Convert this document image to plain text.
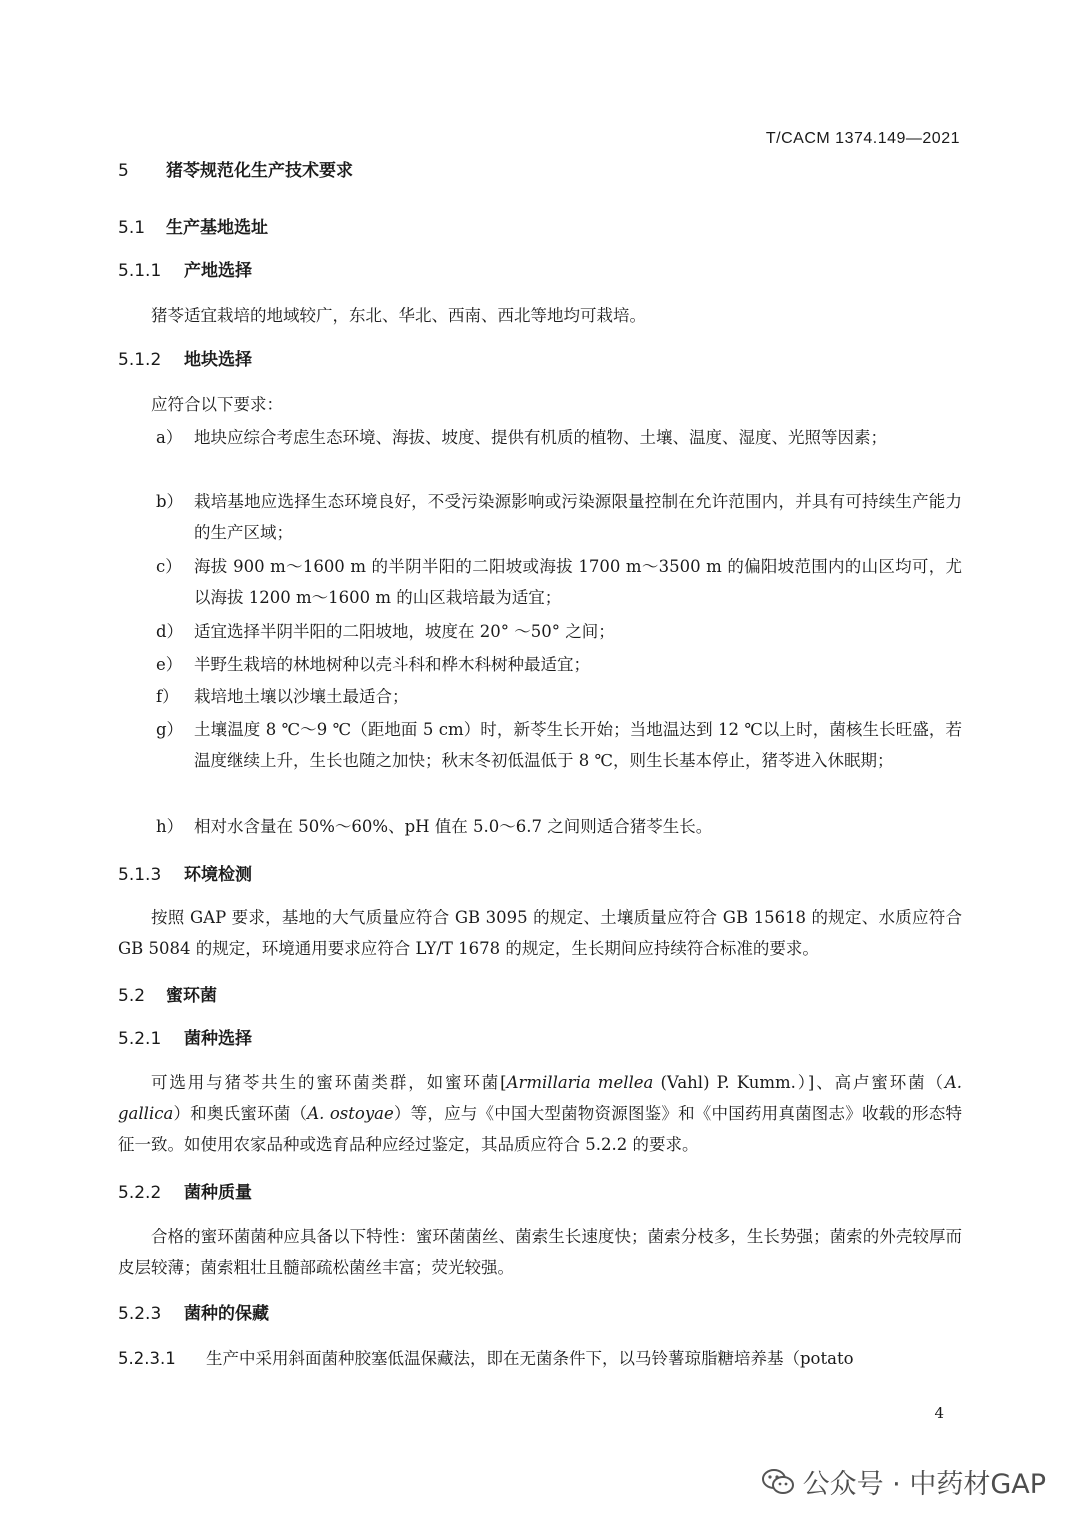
T/CACM 1374.149—2021
5 猪苓规范化生产技术要求
5.1 生产基地选址
5.1.1 产地选择
猪苓适宜栽培的地域较广，东北、华北、西南、西北等地均可栽培。
5.1.2 地块选择
应符合以下要求：
a） 地块应综合考虑生态环境、海拔、坡度、提供有机质的植物、土壤、温度、湿度、光照等因素；
b） 栽培基地应选择生态环境良好，不受污染源影响或污染源限量控制在允许范围内，并具有可持续生产能力的生产区域；
c） 海拔 900 m～1600 m 的半阴半阳的二阳坡或海拔 1700 m～3500 m 的偏阳坡范围内的山区均可，尤以海拔 1200 m～1600 m 的山区栽培最为适宜；
d） 适宜选择半阴半阳的二阳坡地，坡度在 20° ～50° 之间；
e） 半野生栽培的林地树种以壳斗科和桦木科树种最适宜；
f） 栽培地土壤以沙壤土最适合；
g） 土壤温度 8 ℃～9 ℃（距地面 5 cm）时，新苓生长开始；当地温达到 12 ℃以上时，菌核生长旺盛，若温度继续上升，生长也随之加快；秋末冬初低温低于 8 ℃，则生长基本停止，猪苓进入休眠期；
h） 相对水含量在 50%～60%、pH 值在 5.0～6.7 之间则适合猪苓生长。
5.1.3 环境检测
按照 GAP 要求，基地的大气质量应符合 GB 3095 的规定、土壤质量应符合 GB 15618 的规定、水质应符合 GB 5084 的规定，环境通用要求应符合 LY/T 1678 的规定，生长期间应持续符合标准的要求。
5.2 蜜环菌
5.2.1 菌种选择
可选用与猪苓共生的蜜环菌类群，如蜜环菌[Armillaria mellea (Vahl) P. Kumm.）]、高卢蜜环菌（A. gallica）和奥氏蜜环菌（A. ostoyae）等，应与《中国大型菌物资源图鉴》和《中国药用真菌图志》收载的形态特征一致。如使用农家品种或选育品种应经过鉴定，其品质应符合 5.2.2 的要求。
5.2.2 菌种质量
合格的蜜环菌菌种应具备以下特性：蜜环菌菌丝、菌索生长速度快；菌索分枝多，生长势强；菌索的外壳较厚而皮层较薄；菌索粗壮且髓部疏松菌丝丰富；荧光较强。
5.2.3 菌种的保藏
5.2.3.1 生产中采用斜面菌种胶塞低温保藏法，即在无菌条件下，以马铃薯琼脂糖培养基（potato
4
公众号 · 中药材GAP
